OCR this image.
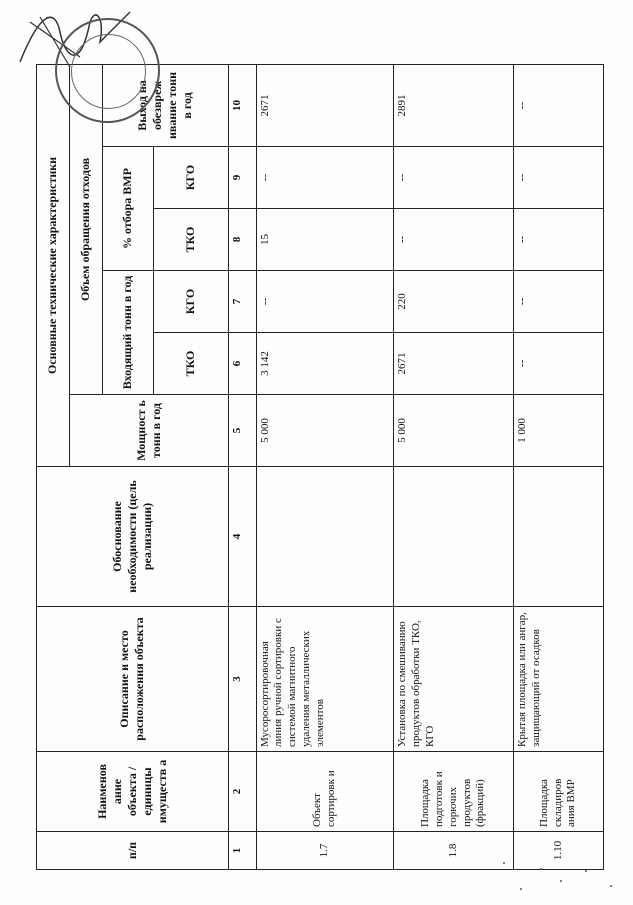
п/п	Наименов ание объекта / единицы имуществ а	Описание и место расположения объекта	Обоснование необходимости (цель реализации)	Основные технические характеристики					
				Мощност ь тонн в год	Объем обращения отходов				
					Входящий тонн в год		% отбора ВМР		Выход на обезвреж ивание тонн в год
					ТКО	КГО	ТКО	КГО	
1	2	3	4	5	6	7	8	9	10
1.7	Объект сортировк и	Мусоросортировочная линия ручной сортировки с системой магнитного удаления металлических элементов		5 000	3 142	--	15	--	2671
1.8	Площадка подготовк и горючих продуктов (фракций)	Установка по смешиванию продуктов обработки ТКО, КГО		5 000	2671	220	--	--	2891
1.10	Площадка складиров ания ВМР	Крытая площадка или ангар, защищающий от осадков		1 000	--	--	--	--	--
